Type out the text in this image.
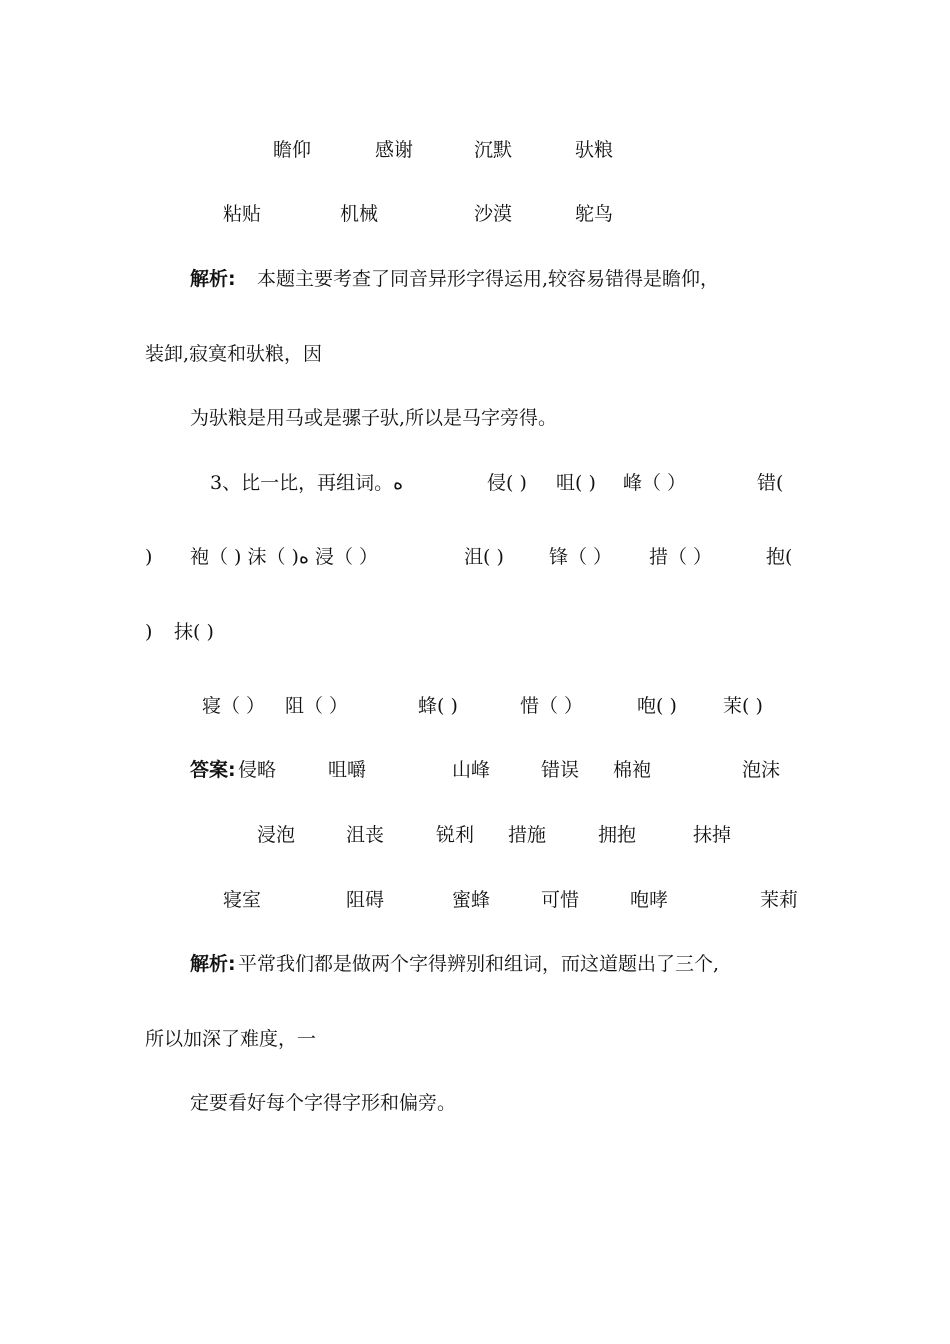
瞻仰	感谢	沉默	驮粮
粘贴	机械	沙漠	鸵鸟
解析: 本题主要考查了同音异形字得运用,较容易错得是瞻仰，
装卸,寂寞和驮粮，因
为驮粮是用马或是骡子驮,所以是马字旁得。
3、比一比，再组词。ﻩ	侵( ) 咀( ) 峰（ ）	错(
) 袍（ ) 沫（ )ﻩ 浸（ ）	沮( ) 锋（ ） 措（ ）	抱(
) 抹( )
寝（ ） 阻（ ）	蜂( )	惜（ ）	咆( ) 茉( )
答案: 侵略	咀嚼	山峰	错误 棉袍	泡沫
浸泡	沮丧	锐利 措施	拥抱	抹掉
寝室	阻碍	蜜蜂	可惜	咆哮	茉莉
解析: 平常我们都是做两个字得辨别和组词，而这道题出了三个,
所以加深了难度，一
定要看好每个字得字形和偏旁。
